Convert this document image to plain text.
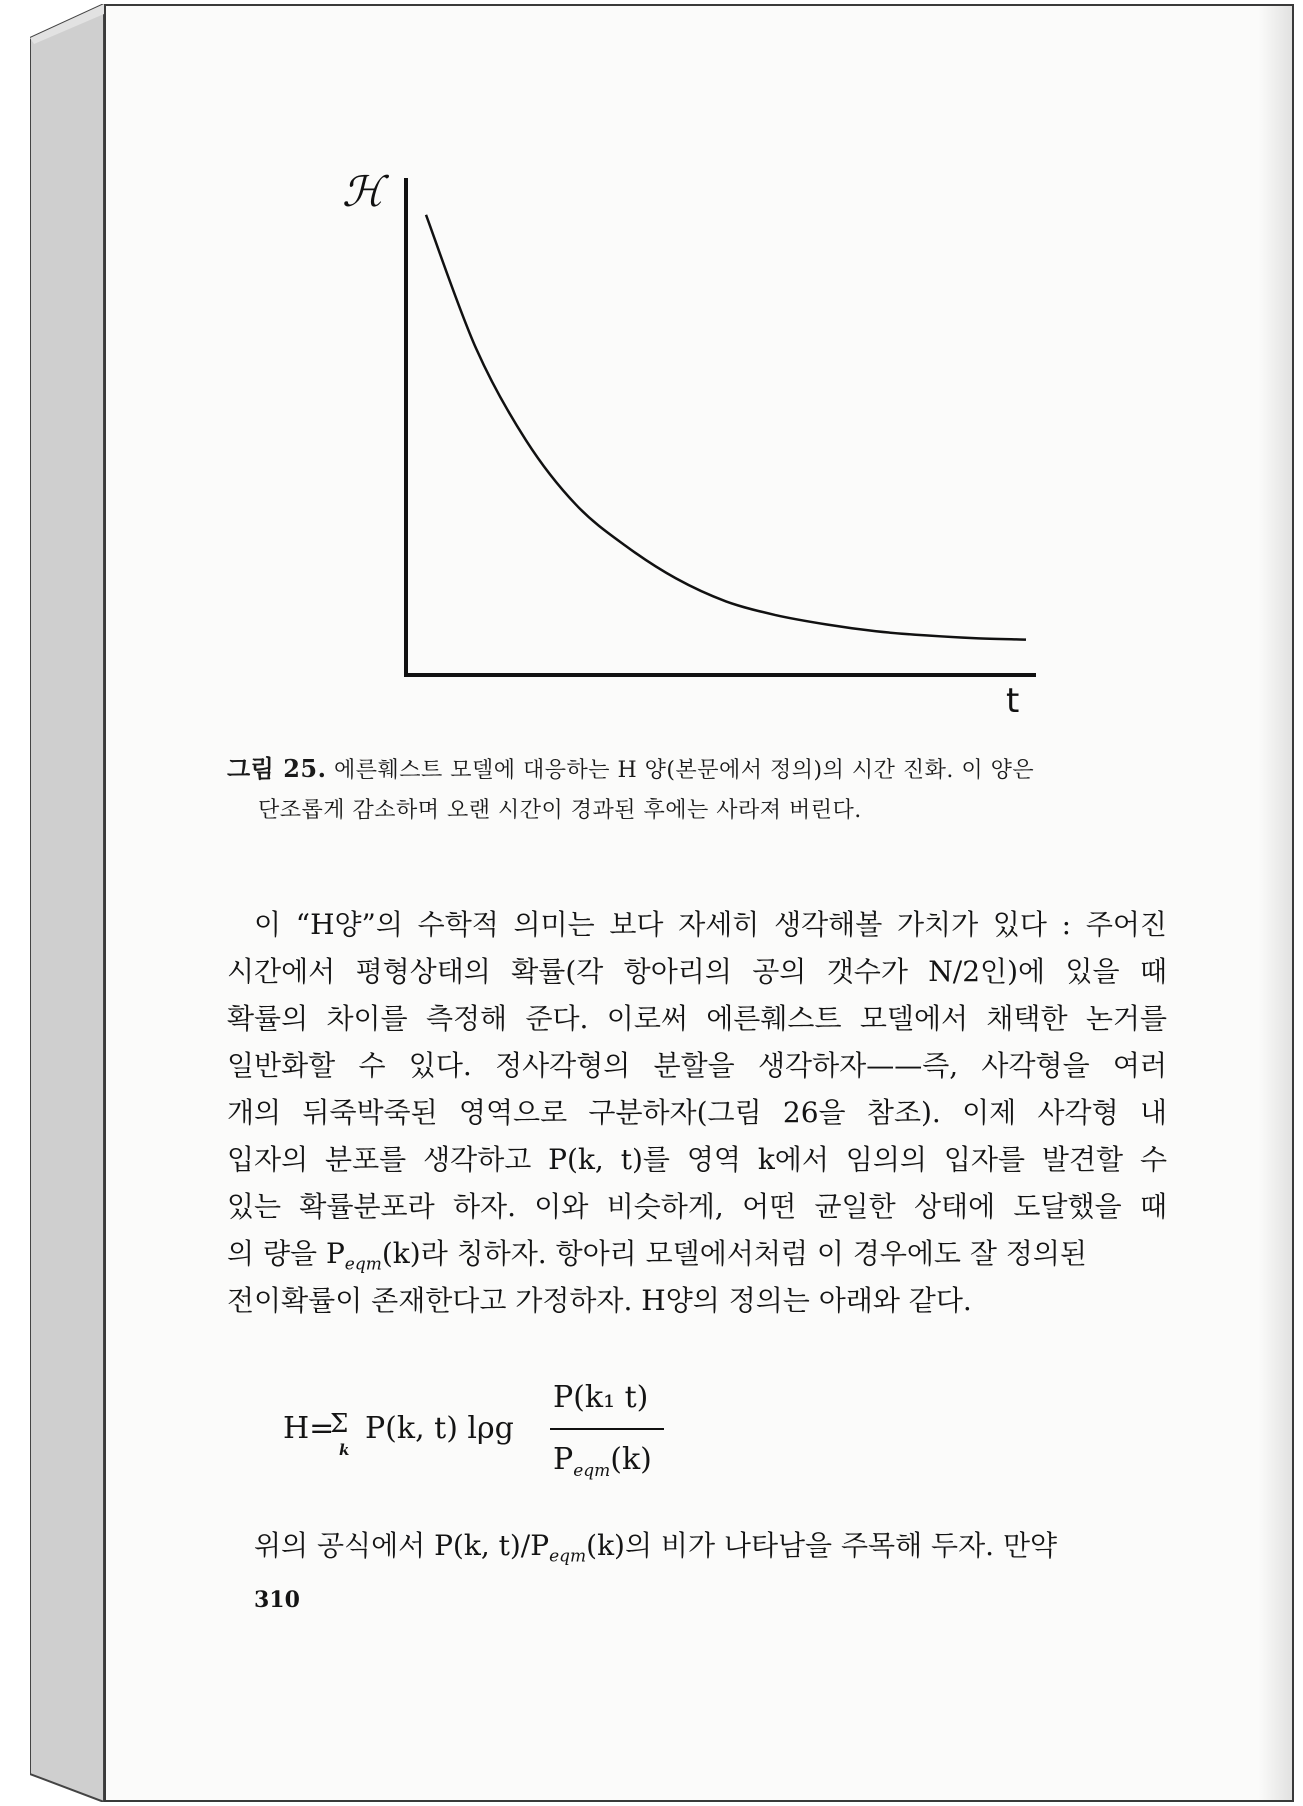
ℋ
t
그림 25. 에른훼스트 모델에 대응하는 H 양(본문에서 정의)의 시간 진화. 이 양은
단조롭게 감소하며 오랜 시간이 경과된 후에는 사라져 버린다.
이 “H양”의 수학적 의미는 보다 자세히 생각해볼 가치가 있다 : 주어진
시간에서 평형상태의 확률(각 항아리의 공의 갯수가 N/2인)에 있을 때
확률의 차이를 측정해 준다. 이로써 에른훼스트 모델에서 채택한 논거를
일반화할 수 있다. 정사각형의 분할을 생각하자——즉, 사각형을 여러
개의 뒤죽박죽된 영역으로 구분하자(그림 26을 참조). 이제 사각형 내
입자의 분포를 생각하고 P(k, t)를 영역 k에서 임의의 입자를 발견할 수
있는 확률분포라 하자. 이와 비슷하게, 어떤 균일한 상태에 도달했을 때
의 량을 $P_{eqm}(k)$라 칭하자. 항아리 모델에서처럼 이 경우에도 잘 정의된
전이확률이 존재한다고 가정하자. H양의 정의는 아래와 같다.
H=
Σ
k
P(k, t) lρg
P(k₁ t)
$P_{eqm}(k)$
위의 공식에서 P(k, $t)/P_{eqm}(k)$의 비가 나타남을 주목해 두자. 만약
310
